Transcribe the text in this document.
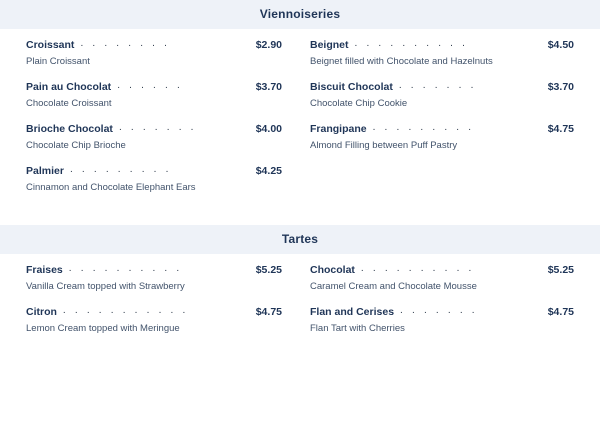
Viennoiseries
Croissant . . . . . . . .	$2.90
Plain Croissant
Beignet . . . . . . . . . .	$4.50
Beignet filled with Chocolate and Hazelnuts
Pain au Chocolat . . . . . .	$3.70
Chocolate Croissant
Biscuit Chocolat . . . . . . .	$3.70
Chocolate Chip Cookie
Brioche Chocolat . . . . . . .	$4.00
Chocolate Chip Brioche
Frangipane . . . . . . . . .	$4.75
Almond Filling between Puff Pastry
Palmier . . . . . . . . .	$4.25
Cinnamon and Chocolate Elephant Ears
Tartes
Fraises . . . . . . . . . .	$5.25
Vanilla Cream topped with Strawberry
Chocolat . . . . . . . . . .	$5.25
Caramel Cream and Chocolate Mousse
Citron . . . . . . . . . . .	$4.75
Lemon Cream topped with Meringue
Flan and Cerises . . . . . . .	$4.75
Flan Tart with Cherries
